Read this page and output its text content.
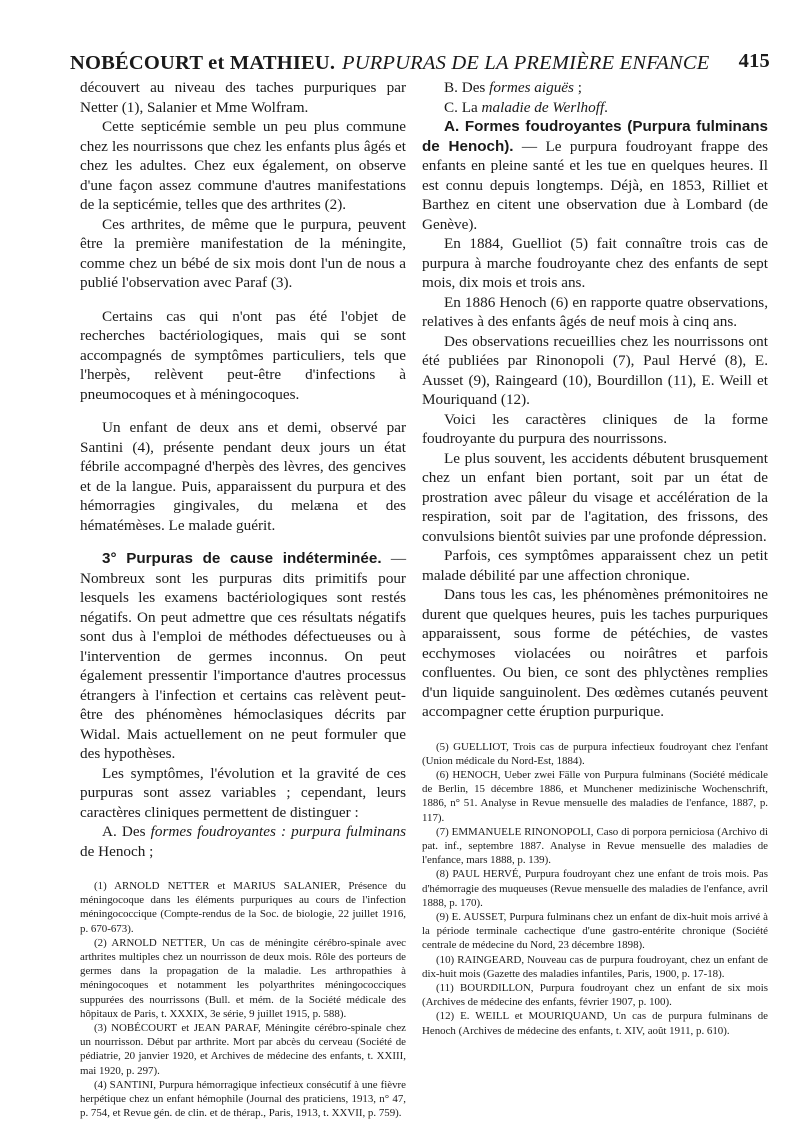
NOBÉCOURT et MATHIEU. PURPURAS DE LA PREMIÈRE ENFANCE 415

découvert au niveau des taches purpuriques par Netter (1), Salanier et Mme Wolfram.

Cette septicémie semble un peu plus commune chez les nourrissons que chez les enfants plus âgés et chez les adultes. Chez eux également, on observe d'une façon assez commune d'autres manifestations de la septicémie, telles que des arthrites (2).

Ces arthrites, de même que le purpura, peuvent être la première manifestation de la méningite, comme chez un bébé de six mois dont l'un de nous a publié l'observation avec Paraf (3).

Certains cas qui n'ont pas été l'objet de recherches bactériologiques, mais qui se sont accompagnés de symptômes particuliers, tels que l'herpès, relèvent peut-être d'infections à pneumocoques et à méningocoques.

Un enfant de deux ans et demi, observé par Santini (4), présente pendant deux jours un état fébrile accompagné d'herpès des lèvres, des gencives et de la langue. Puis, apparaissent du purpura et des hémorragies gingivales, du melæna et des hématémèses. Le malade guérit.

3° Purpuras de cause indéterminée. — Nombreux sont les purpuras dits primitifs pour lesquels les examens bactériologiques sont restés négatifs. On peut admettre que ces résultats négatifs sont dus à l'emploi de méthodes défectueuses ou à l'intervention de germes inconnus. On peut également pressentir l'importance d'autres processus étrangers à l'infection et certains cas relèvent peut-être des phénomènes hémoclasiques décrits par Widal. Mais actuellement on ne peut formuler que des hypothèses.

Les symptômes, l'évolution et la gravité de ces purpuras sont assez variables ; cependant, leurs caractères cliniques permettent de distinguer :

A. Des formes foudroyantes : purpura fulminans de Henoch ;

(1) ARNOLD NETTER et MARIUS SALANIER, Présence du méningocoque dans les éléments purpuriques au cours de l'infection méningococcique (Compte-rendus de la Soc. de biologie, 22 juillet 1916, p. 670-673).

(2) ARNOLD NETTER, Un cas de méningite cérébro-spinale avec arthrites multiples chez un nourrisson de deux mois. Rôle des porteurs de germes dans la propagation de la maladie. Les arthropathies à méningocoques et notamment les polyarthrites méningococciques suppurées des nourrissons (Bull. et mém. de la Société médicale des hôpitaux de Paris, t. XXXIX, 3e série, 9 juillet 1915, p. 588).

(3) NOBÉCOURT et JEAN PARAF, Méningite cérébro-spinale chez un nourrisson. Début par arthrite. Mort par abcès du cerveau (Société de pédiatrie, 20 janvier 1920, et Archives de médecine des enfants, t. XXIII, mai 1920, p. 297).

(4) SANTINI, Purpura hémorragique infectieux consécutif à une fièvre herpétique chez un enfant hémophile (Journal des praticiens, 1913, n° 47, p. 754, et Revue gén. de clin. et de thérap., Paris, 1913, t. XXVII, p. 759).

B. Des formes aiguës ;

C. La maladie de Werlhoff.

A. Formes foudroyantes (Purpura fulminans de Henoch). — Le purpura foudroyant frappe des enfants en pleine santé et les tue en quelques heures. Il est connu depuis longtemps. Déjà, en 1853, Rilliet et Barthez en citent une observation due à Lombard (de Genève).

En 1884, Guelliot (5) fait connaître trois cas de purpura à marche foudroyante chez des enfants de sept mois, dix mois et trois ans.

En 1886 Henoch (6) en rapporte quatre observations, relatives à des enfants âgés de neuf mois à cinq ans.

Des observations recueillies chez les nourrissons ont été publiées par Rinonopoli (7), Paul Hervé (8), E. Ausset (9), Raingeard (10), Bourdillon (11), E. Weill et Mouriquand (12).

Voici les caractères cliniques de la forme foudroyante du purpura des nourrissons.

Le plus souvent, les accidents débutent brusquement chez un enfant bien portant, soit par un état de prostration avec pâleur du visage et accélération de la respiration, soit par de l'agitation, des frissons, des convulsions bientôt suivies par une profonde dépression.

Parfois, ces symptômes apparaissent chez un petit malade débilité par une affection chronique.

Dans tous les cas, les phénomènes prémonitoires ne durent que quelques heures, puis les taches purpuriques apparaissent, sous forme de pétéchies, de vastes ecchymoses violacées ou noirâtres et parfois confluentes. Ou bien, ce sont des phlyctènes remplies d'un liquide sanguinolent. Des œdèmes cutanés peuvent accompagner cette éruption purpurique.

(5) GUELLIOT, Trois cas de purpura infectieux foudroyant chez l'enfant (Union médicale du Nord-Est, 1884).

(6) HENOCH, Ueber zwei Fälle von Purpura fulminans (Société médicale de Berlin, 15 décembre 1886, et Munchener medizinische Wochenschrift, 1886, n° 51. Analyse in Revue mensuelle des maladies de l'enfance, 1887, p. 117).

(7) EMMANUELE RINONOPOLI, Caso di porpora perniciosa (Archivo di pat. inf., septembre 1887. Analyse in Revue mensuelle des maladies de l'enfance, mars 1888, p. 139).

(8) PAUL HERVÉ, Purpura foudroyant chez une enfant de trois mois. Pas d'hémorragie des muqueuses (Revue mensuelle des maladies de l'enfance, avril 1888, p. 170).

(9) E. AUSSET, Purpura fulminans chez un enfant de dix-huit mois arrivé à la période terminale cachectique d'une gastro-entérite chronique (Société centrale de médecine du Nord, 23 décembre 1898).

(10) RAINGEARD, Nouveau cas de purpura foudroyant, chez un enfant de dix-huit mois (Gazette des maladies infantiles, Paris, 1900, p. 17-18).

(11) BOURDILLON, Purpura foudroyant chez un enfant de six mois (Archives de médecine des enfants, février 1907, p. 100).

(12) E. WEILL et MOURIQUAND, Un cas de purpura fulminans de Henoch (Archives de médecine des enfants, t. XIV, août 1911, p. 610).
